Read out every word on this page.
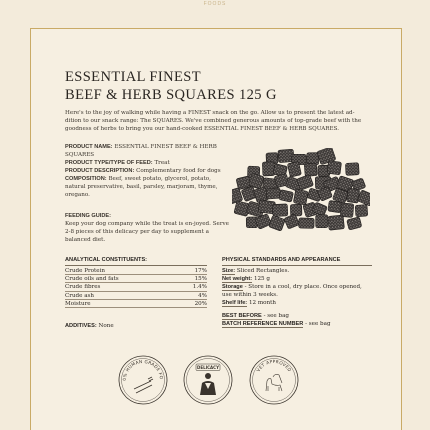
FOODS
ESSENTIAL FINEST
BEEF & HERB SQUARES 125 G

Here's to the joy of walking while having a FINEST snack on the go. Allow us to present the latest ad-dition to our snack range: The SQUARES. We've combined generous amounts of top-grade beef with the goodness of herbs to bring you our hand-cooked ESSENTIAL FINEST BEEF & HERB SQUARES.

PRODUCT NAME: ESSENTIAL FINEST BEEF & HERB SQUARES
PRODUCT TYPE/TYPE OF FEED: Treat
PRODUCT DESCRIPTION: Complementary food for dogs
COMPOSITION: Beef, sweet potato, glycerol, potato, natural preservative, basil, parsley, marjoram, thyme, oregano.
FEEDING GUIDE:
Keep your dog company while the treat is en-joyed. Serve 2-8 pieces of this delicacy per day to supplement a balanced diet.
ANALYTICAL CONSTITUENTS:
Crude Protein	17%
Crude oils and fats	15%
Crude fibres	1.4%
Crude ash	4%
Moisture	20%
ADDITIVES: None
PHYSICAL STANDARDS AND APPEARANCE
Size: Sliced Rectangles.
Net weight: 125 g
Storage - Store in a cool, dry place. Once opened, use within 3 weeks.
Shelf life: 12 month
BEST BEFORE - see bag
BATCH REFERENCE NUMBER - see bag
0% HUMAN GRADE FO
DELICACY
VET APPROVED
